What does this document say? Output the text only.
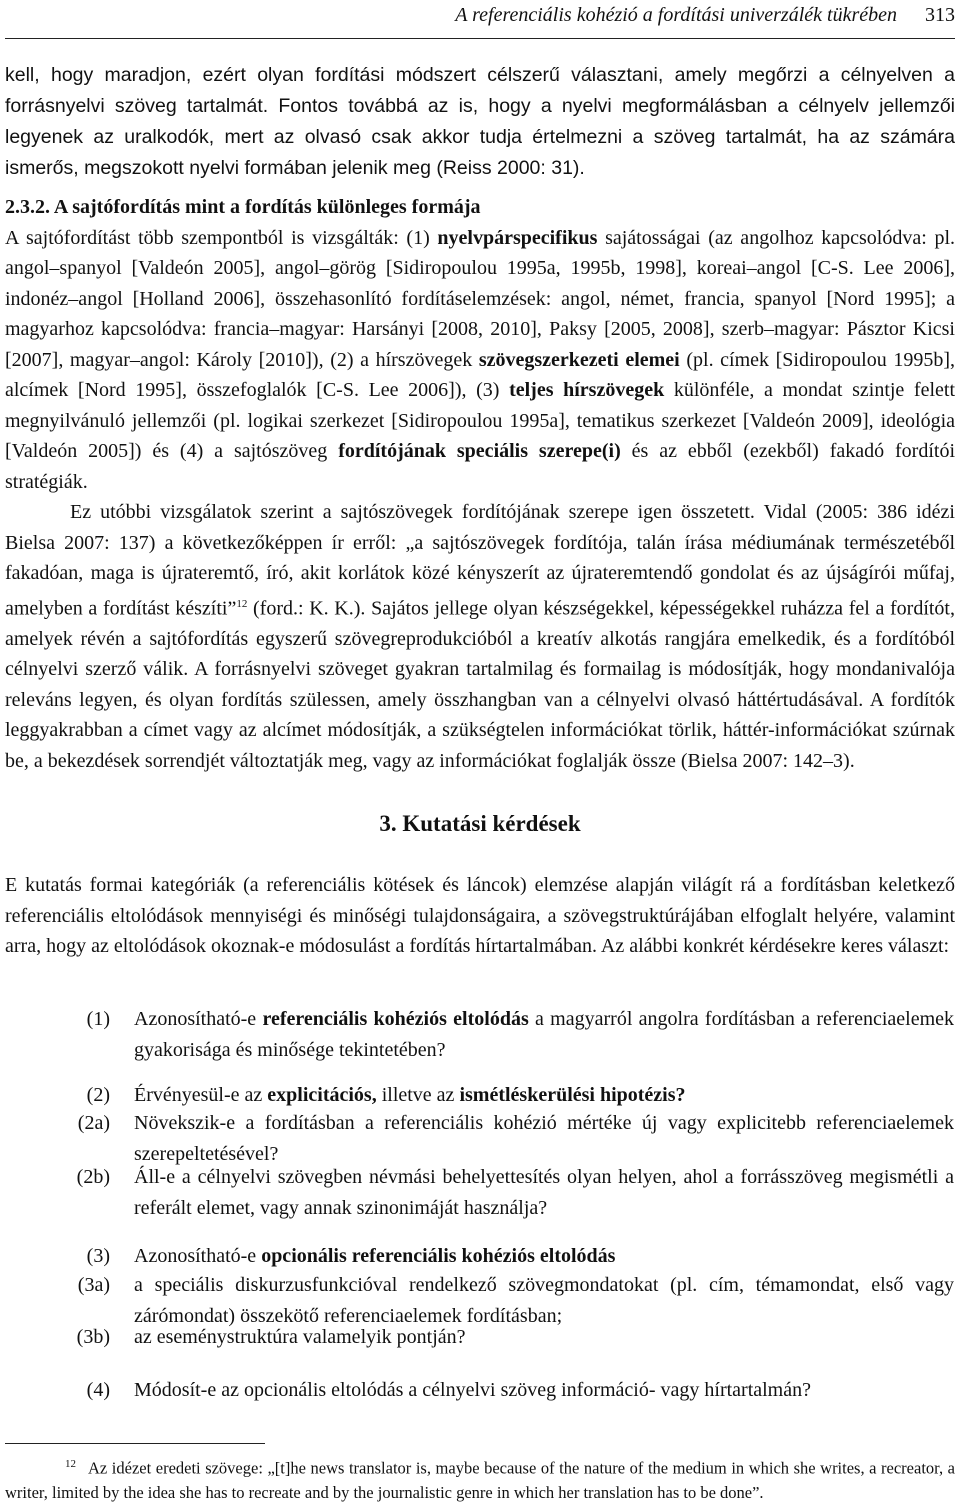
A referenciális kohézió a fordítási univerzálék tükrében 313
kell, hogy maradjon, ezért olyan fordítási módszert célszerű választani, amely megőrzi a célnyelven a forrásnyelvi szöveg tartalmát. Fontos továbbá az is, hogy a nyelvi megformálásban a célnyelv jellemzői legyenek az uralkodók, mert az olvasó csak akkor tudja értelmezni a szöveg tartalmát, ha az számára ismerős, megszokott nyelvi formában jelenik meg (Reiss 2000: 31).
2.3.2. A sajtófordítás mint a fordítás különleges formája
A sajtófordítást több szempontból is vizsgálták: (1) nyelvpárspecifikus sajátosságai (az angolhoz kapcsolódva: pl. angol–spanyol [Valdeón 2005], angol–görög [Sidiropoulou 1995a, 1995b, 1998], koreai–angol [C-S. Lee 2006], indonéz–angol [Holland 2006], összehasonlító fordításelemzések: angol, német, francia, spanyol [Nord 1995]; a magyarhoz kapcsolódva: francia–magyar: Harsányi [2008, 2010], Paksy [2005, 2008], szerb–magyar: Pásztor Kicsi [2007], magyar–angol: Károly [2010]), (2) a hírszövegek szövegszerkezeti elemei (pl. címek [Sidiropoulou 1995b], alcímek [Nord 1995], összefoglalók [C-S. Lee 2006]), (3) teljes hírszövegek különféle, a mondat szintje felett megnyilvánuló jellemzői (pl. logikai szerkezet [Sidiropoulou 1995a], tematikus szerkezet [Valdeón 2009], ideológia [Valdeón 2005]) és (4) a sajtószöveg fordítójának speciális szerepe(i) és az ebből (ezekből) fakadó fordítói stratégiák.
Ez utóbbi vizsgálatok szerint a sajtószövegek fordítójának szerepe igen összetett. Vidal (2005: 386 idézi Bielsa 2007: 137) a következőképpen ír erről: „a sajtószövegek fordítója, talán írása médiumának természetéből fakadóan, maga is újrateremtő, író, akit korlátok közé kényszerít az újrateremtendő gondolat és az újságírói műfaj, amelyben a fordítást készíti”$^{12}$ (ford.: K. K.). Sajátos jellege olyan készségekkel, képességekkel ruházza fel a fordítót, amelyek révén a sajtófordítás egyszerű szövegreprodukcióból a kreatív alkotás rangjára emelkedik, és a fordítóból célnyelvi szerző válik. A forrásnyelvi szöveget gyakran tartalmilag és formailag is módosítják, hogy mondanivalója releváns legyen, és olyan fordítás szülessen, amely összhangban van a célnyelvi olvasó háttértudásával. A fordítók leggyakrabban a címet vagy az alcímet módosítják, a szükségtelen információkat törlik, háttér-információkat szúrnak be, a bekezdések sorrendjét változtatják meg, vagy az információkat foglalják össze (Bielsa 2007: 142–3).
3. Kutatási kérdések
E kutatás formai kategóriák (a referenciális kötések és láncok) elemzése alapján világít rá a fordításban keletkező referenciális eltolódások mennyiségi és minőségi tulajdonságaira, a szövegstruktúrájában elfoglalt helyére, valamint arra, hogy az eltolódások okoznak-e módosulást a fordítás hírtartalmában. Az alábbi konkrét kérdésekre keres választ:
(1) Azonosítható-e referenciális kohéziós eltolódás a magyarról angolra fordításban a referenciaelemek gyakorisága és minősége tekintetében?
(2) Érvényesül-e az explicitációs, illetve az ismétléskerülési hipotézis?
(2a) Növekszik-e a fordításban a referenciális kohézió mértéke új vagy explicitebb referenciaelemek szerepeltetésével?
(2b) Áll-e a célnyelvi szövegben névmási behelyettesítés olyan helyen, ahol a forrásszöveg megismétli a referált elemet, vagy annak szinonimáját használja?
(3) Azonosítható-e opcionális referenciális kohéziós eltolódás
(3a) a speciális diskurzusfunkcióval rendelkező szövegmondatokat (pl. cím, témamondat, első vagy zárómondat) összekötő referenciaelemek fordításban;
(3b) az eseménystruktúra valamelyik pontján?
(4) Módosít-e az opcionális eltolódás a célnyelvi szöveg információ- vagy hírtartalmán?
$^{12}$ Az idézet eredeti szövege: „[t]he news translator is, maybe because of the nature of the medium in which she writes, a recreator, a writer, limited by the idea she has to recreate and by the journalistic genre in which her translation has to be done”.
